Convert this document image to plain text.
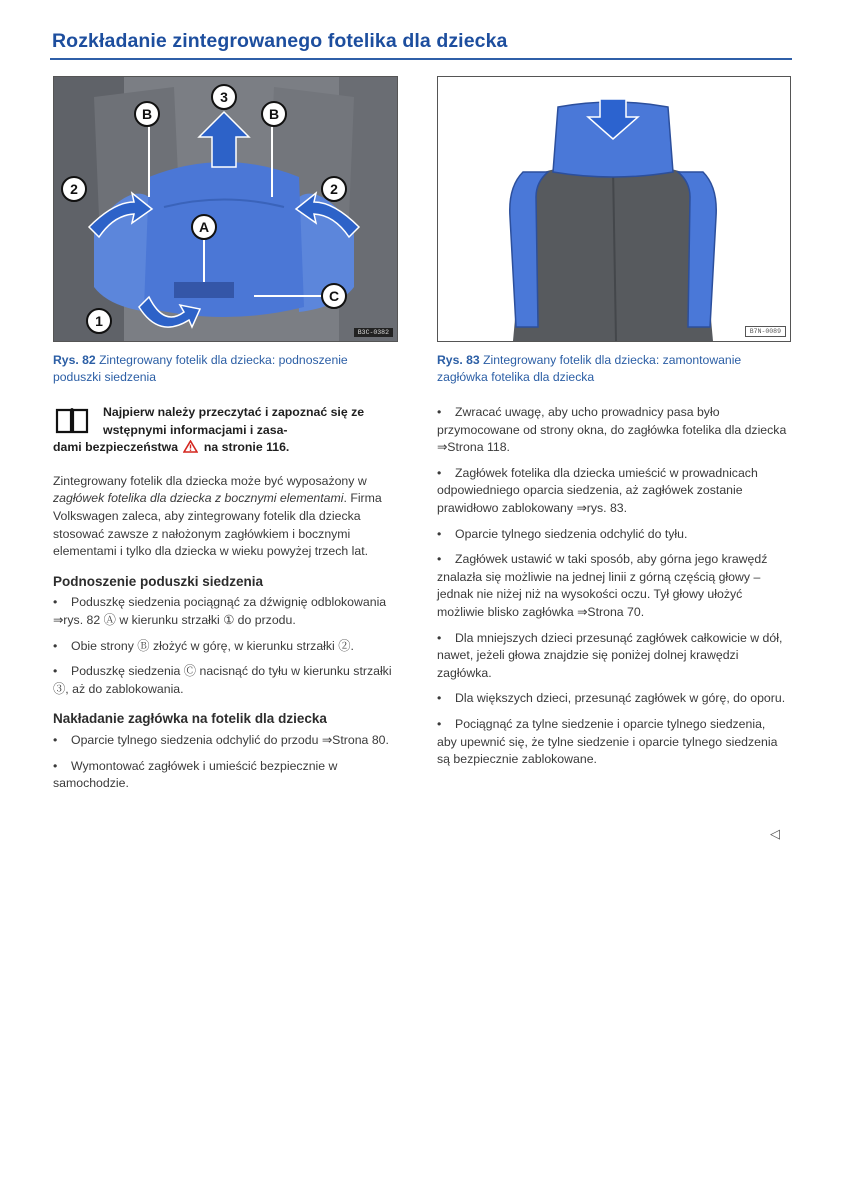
Rozkładanie zintegrowanego fotelika dla dziecka
B
3
B
2	2
A
C
1
B3C-0382	B7N-0089
Rys. 82 Zintegrowany fotelik dla dziecka: podnoszenie poduszki siedzenia
Rys. 83 Zintegrowany fotelik dla dziecka: zamontowanie zagłówka fotelika dla dziecka
Najpierw należy przeczytać i zapoznać się ze wstępnymi informacjami i zasa-
dami bezpieczeństwa na stronie 116.

Zintegrowany fotelik dla dziecka może być wyposażony w zagłówek fotelika dla dziecka z bocznymi elementami. Firma Volkswagen zaleca, aby zintegrowany fotelik dla dziecka stosować zawsze z nałożonym zagłówkiem i bocznymi elementami i tylko dla dziecka w wieku powyżej trzech lat.

Podnoszenie poduszki siedzenia
• Poduszkę siedzenia pociągnąć za dźwignię odblokowania ⇒rys. 82 Ⓐ w kierunku strzałki ① do przodu.
• Obie strony Ⓑ złożyć w górę, w kierunku strzałki ②.
• Poduszkę siedzenia Ⓒ nacisnąć do tyłu w kierunku strzałki ③, aż do zablokowania.
Nakładanie zagłówka na fotelik dla dziecka
• Oparcie tylnego siedzenia odchylić do przodu ⇒Strona 80.
• Wymontować zagłówek i umieścić bezpiecznie w samochodzie.
• Zwracać uwagę, aby ucho prowadnicy pasa było przymocowane od strony okna, do zagłówka fotelika dla dziecka ⇒Strona 118.
• Zagłówek fotelika dla dziecka umieścić w prowadnicach odpowiedniego oparcia siedzenia, aż zagłówek zostanie prawidłowo zablokowany ⇒rys. 83.
• Oparcie tylnego siedzenia odchylić do tyłu.
• Zagłówek ustawić w taki sposób, aby górna jego krawędź znalazła się możliwie na jednej linii z górną częścią głowy – jednak nie niżej niż na wysokości oczu. Tył głowy ułożyć możliwie blisko zagłówka ⇒Strona 70.
• Dla mniejszych dzieci przesunąć zagłówek całkowicie w dół, nawet, jeżeli głowa znajdzie się poniżej dolnej krawędzi zagłówka.
• Dla większych dzieci, przesunąć zagłówek w górę, do oporu.
• Pociągnąć za tylne siedzenie i oparcie tylnego siedzenia, aby upewnić się, że tylne siedzenie i oparcie tylnego siedzenia są bezpiecznie zablokowane.
◁
